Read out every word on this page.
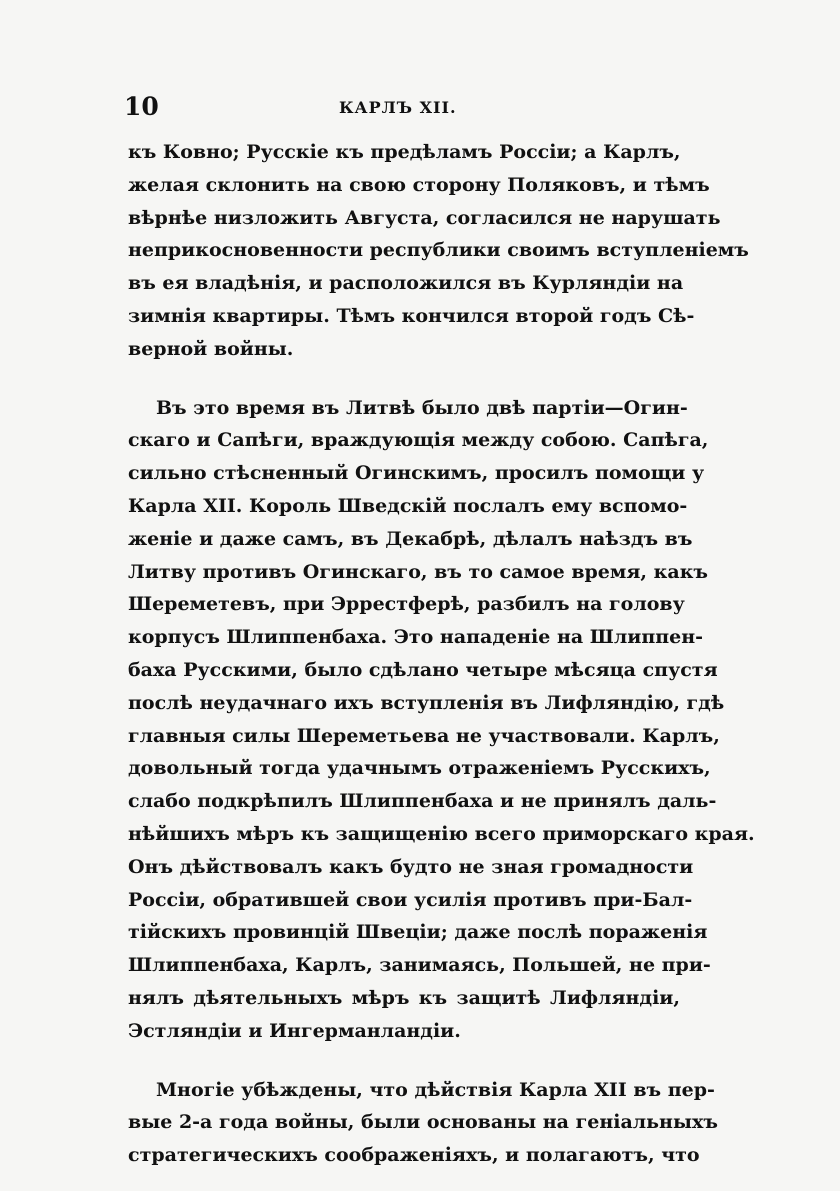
10	КАРЛЪ XII.
къ Ковно; Русскіе къ предѣламъ Россіи; а Карлъ,
желая склонить на свою сторону Поляковъ, и тѣмъ
вѣрнѣе низложить Августа, согласился не нарушать
неприкосновенности республики своимъ вступленіемъ
въ ея владѣнія, и расположился въ Курляндіи на
зимнія квартиры. Тѣмъ кончился второй годъ Сѣ-
верной войны.
Въ это время въ Литвѣ было двѣ партіи—Огин-
скаго и Сапѣги, враждующія между собою. Сапѣга,
сильно стѣсненный Огинскимъ, просилъ помощи у
Карла XII. Король Шведскій послалъ ему вспомо-
женіе и даже самъ, въ Декабрѣ, дѣлалъ наѣздъ въ
Литву противъ Огинскаго, въ то самое время, какъ
Шереметевъ, при Эррестферѣ, разбилъ на голову
корпусъ Шлиппенбаха. Это нападеніе на Шлиппен-
баха Русскими, было сдѣлано четыре мѣсяца спустя
послѣ неудачнаго ихъ вступленія въ Лифляндію, гдѣ
главныя силы Шереметьева не участвовали. Карлъ,
довольный тогда удачнымъ отраженіемъ Русскихъ,
слабо подкрѣпилъ Шлиппенбаха и не принялъ даль-
нѣйшихъ мѣръ къ защищенію всего приморскаго края.
Онъ дѣйствовалъ какъ будто не зная громадности
Россіи, обратившей свои усилія противъ при-Бал-
тійскихъ провинцій Швеціи; даже послѣ пораженія
Шлиппенбаха, Карлъ, занимаясь, Польшей, не при-
нялъ дѣятельныхъ мѣръ къ защитѣ Лифляндіи,
Эстляндіи и Ингерманландіи.
Многіе убѣждены, что дѣйствія Карла XII въ пер-
вые 2-а года войны, были основаны на геніальныхъ
стратегическихъ соображеніяхъ, и полагаютъ, что
